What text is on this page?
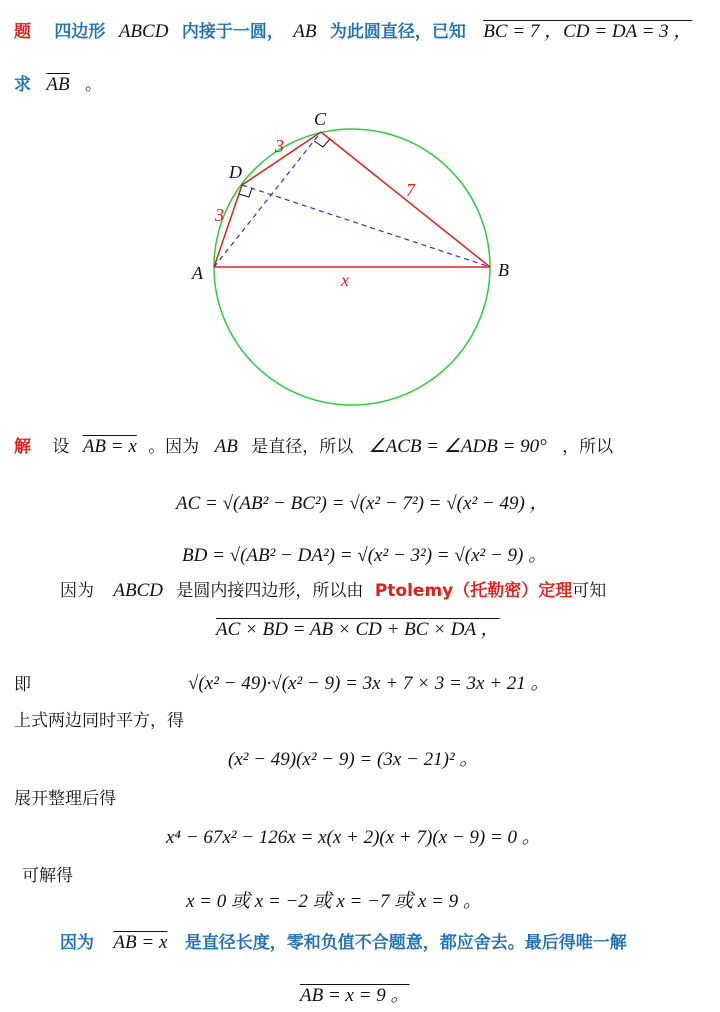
题 四边形 ABCD 内接于一圆， AB 为此圆直径，已知 BC = 7 ，CD = DA = 3 ，
求 $\overline{AB}$ 。
C
D
A	B
3
3
7
x
解 设 AB = x 。因为 AB 是直径，所以 ∠ACB = ∠ADB = 90° ，所以
AC = √(AB² − BC²) = √(x² − 7²) = √(x² − 49) ，
BD = √(AB² − DA²) = √(x² − 3²) = √(x² − 9) 。
因为 ABCD 是圆内接四边形，所以由 Ptolemy（托勒密）定理可知
AC × BD = AB × CD + BC × DA ，
即	√(x² − 49)·√(x² − 9) = 3x + 7 × 3 = 3x + 21 。
上式两边同时平方，得
(x² − 49)(x² − 9) = (3x − 21)² 。
展开整理后得
x⁴ − 67x² − 126x = x(x + 2)(x + 7)(x − 9) = 0 。
可解得
x = 0 或 x = −2 或 x = −7 或 x = 9 。
因为 AB = x 是直径长度，零和负值不合题意，都应舍去。最后得唯一解
AB = x = 9 。
